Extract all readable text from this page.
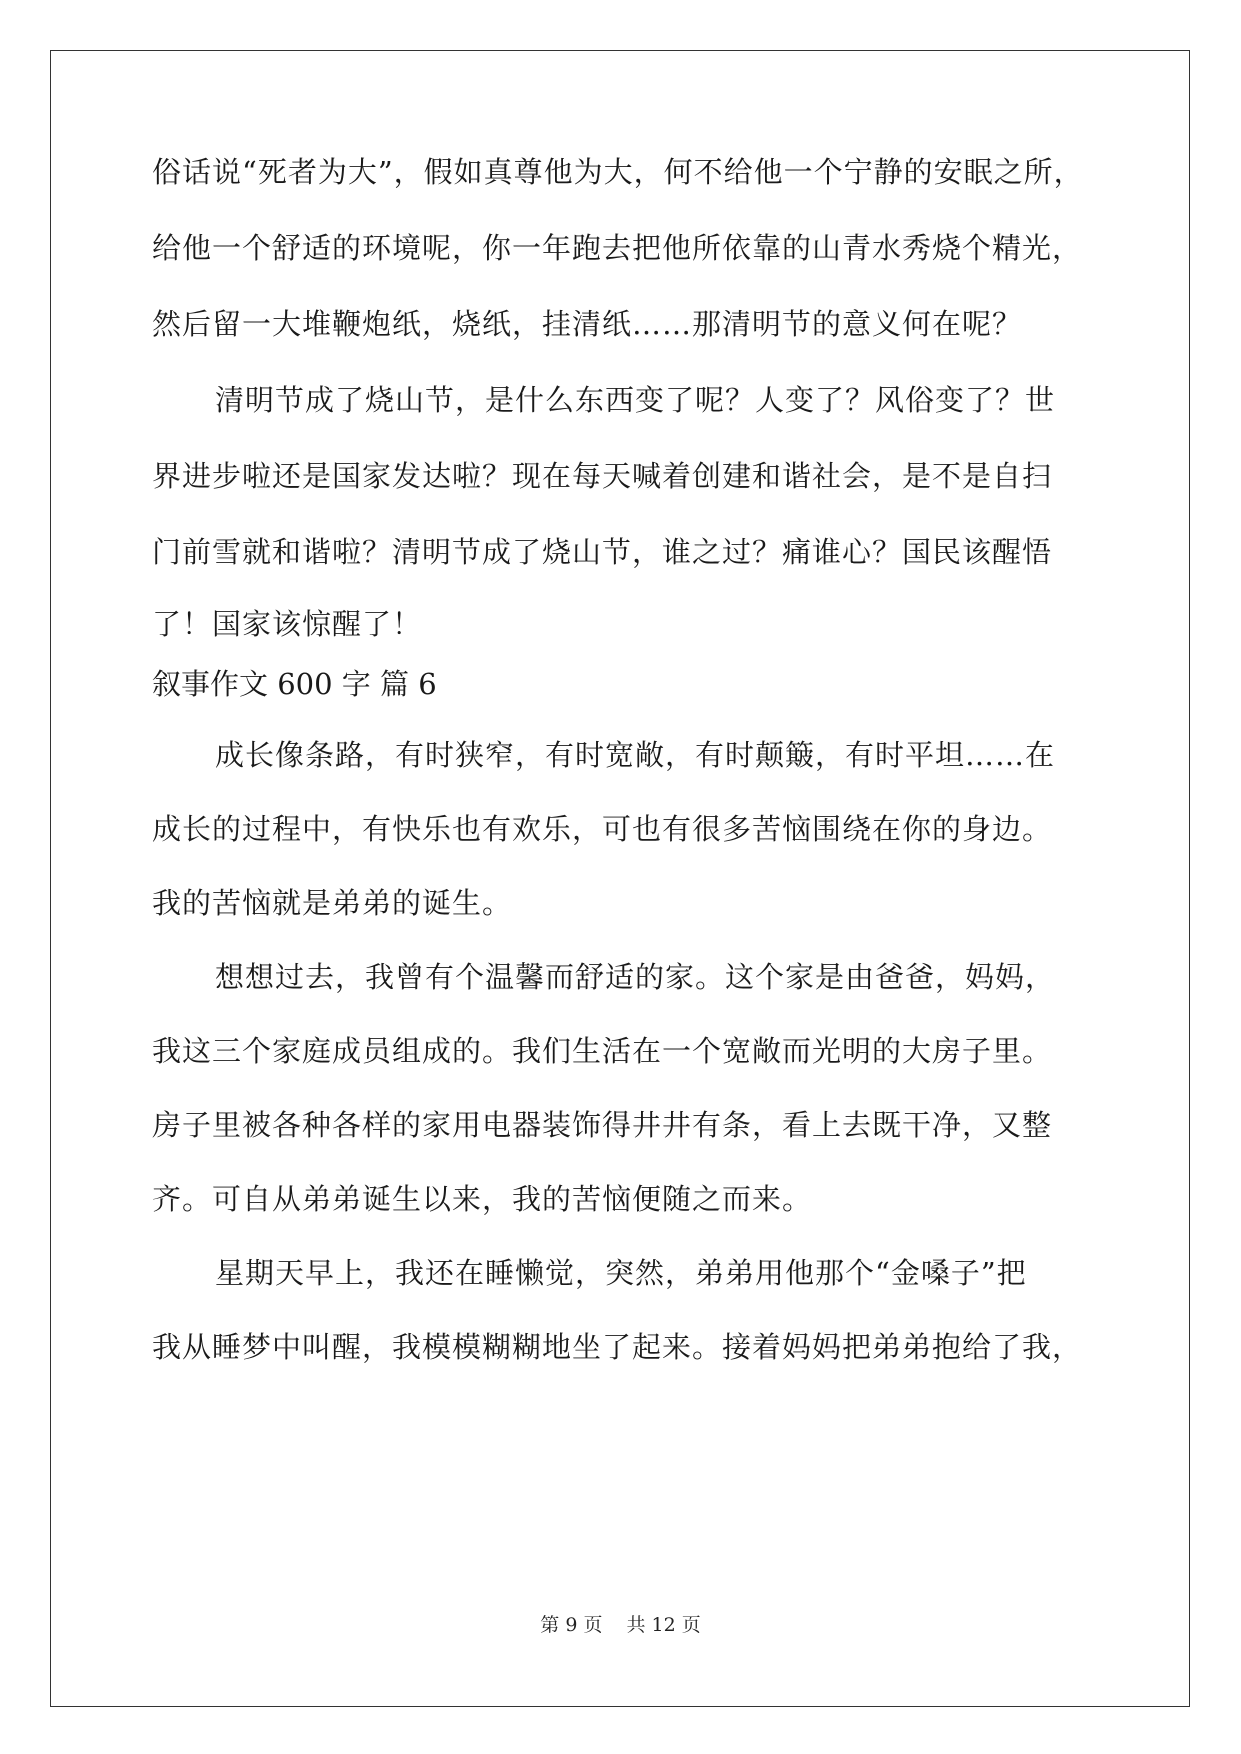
俗话说“死者为大”，假如真尊他为大，何不给他一个宁静的安眠之所，
给他一个舒适的环境呢，你一年跑去把他所依靠的山青水秀烧个精光，
然后留一大堆鞭炮纸，烧纸，挂清纸……那清明节的意义何在呢？
清明节成了烧山节，是什么东西变了呢？人变了？风俗变了？世
界进步啦还是国家发达啦？现在每天喊着创建和谐社会，是不是自扫
门前雪就和谐啦？清明节成了烧山节，谁之过？痛谁心？国民该醒悟
了！国家该惊醒了！
叙事作文 600 字 篇 6
成长像条路，有时狭窄，有时宽敞，有时颠簸，有时平坦……在
成长的过程中，有快乐也有欢乐，可也有很多苦恼围绕在你的身边。
我的苦恼就是弟弟的诞生。
想想过去，我曾有个温馨而舒适的家。这个家是由爸爸，妈妈，
我这三个家庭成员组成的。我们生活在一个宽敞而光明的大房子里。
房子里被各种各样的家用电器装饰得井井有条，看上去既干净，又整
齐。可自从弟弟诞生以来，我的苦恼便随之而来。
星期天早上，我还在睡懒觉，突然，弟弟用他那个“金嗓子”把
我从睡梦中叫醒，我模模糊糊地坐了起来。接着妈妈把弟弟抱给了我，
第 9 页 共 12 页
